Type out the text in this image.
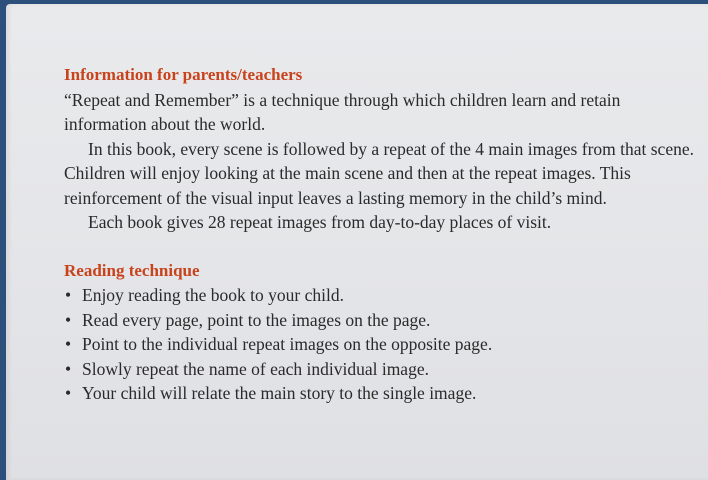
Information for parents/teachers

“Repeat and Remember” is a technique through which children learn and retain information about the world.

In this book, every scene is followed by a repeat of the 4 main images from that scene. Children will enjoy looking at the main scene and then at the repeat images. This reinforcement of the visual input leaves a lasting memory in the child’s mind.

Each book gives 28 repeat images from day-to-day places of visit.

Reading technique

• Enjoy reading the book to your child.
• Read every page, point to the images on the page.
• Point to the individual repeat images on the opposite page.
• Slowly repeat the name of each individual image.
• Your child will relate the main story to the single image.
